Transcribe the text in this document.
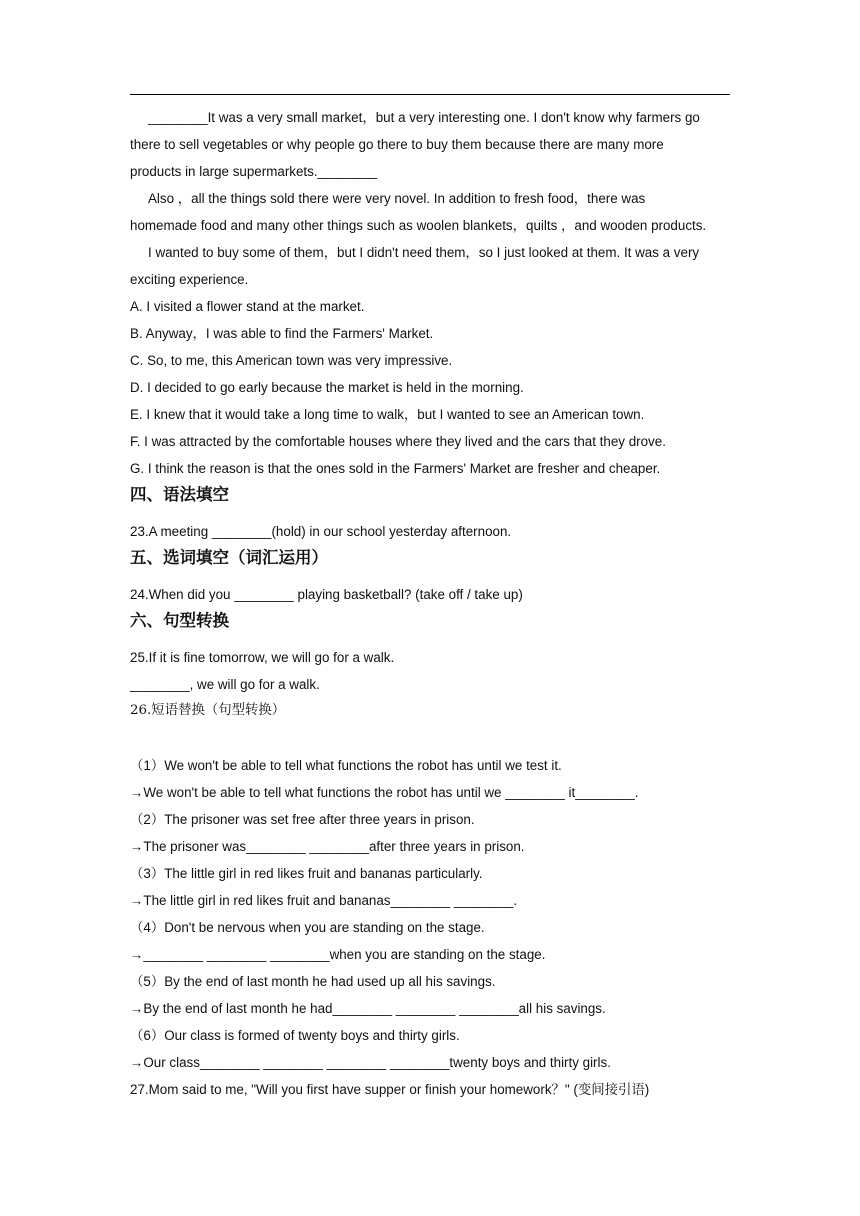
________It was a very small market，but a very interesting one. I don't know why farmers go
there to sell vegetables or why people go there to buy them because there are many more
products in large supermarkets.________
Also ，all the things sold there were very novel. In addition to fresh food，there was
homemade food and many other things such as woolen blankets，quilts ，and wooden products.
I wanted to buy some of them，but I didn't need them，so I just looked at them. It was a very
exciting experience.
A. I visited a flower stand at the market.
B. Anyway，I was able to find the Farmers' Market.
C. So, to me, this American town was very impressive.
D. I decided to go early because the market is held in the morning.
E. I knew that it would take a long time to walk，but I wanted to see an American town.
F. I was attracted by the comfortable houses where they lived and the cars that they drove.
G. I think the reason is that the ones sold in the Farmers' Market are fresher and cheaper.
四、语法填空
23.A meeting ________(hold) in our school yesterday afternoon.
五、选词填空（词汇运用）
24.When did you ________ playing basketball? (take off / take up)
六、句型转换
25.If it is fine tomorrow, we will go for a walk.
________, we will go for a walk.
26.短语替换（句型转换）
（1）We won't be able to tell what functions the robot has until we test it.
→We won't be able to tell what functions the robot has until we ________ it________.
（2）The prisoner was set free after three years in prison.
→The prisoner was________ ________after three years in prison.
（3）The little girl in red likes fruit and bananas particularly.
→The little girl in red likes fruit and bananas________ ________.
（4）Don't be nervous when you are standing on the stage.
→________ ________ ________when you are standing on the stage.
（5）By the end of last month he had used up all his savings.
→By the end of last month he had________ ________ ________all his savings.
（6）Our class is formed of twenty boys and thirty girls.
→Our class________ ________ ________ ________twenty boys and thirty girls.
27.Mom said to me, "Will you first have supper or finish your homework？" (变间接引语)
